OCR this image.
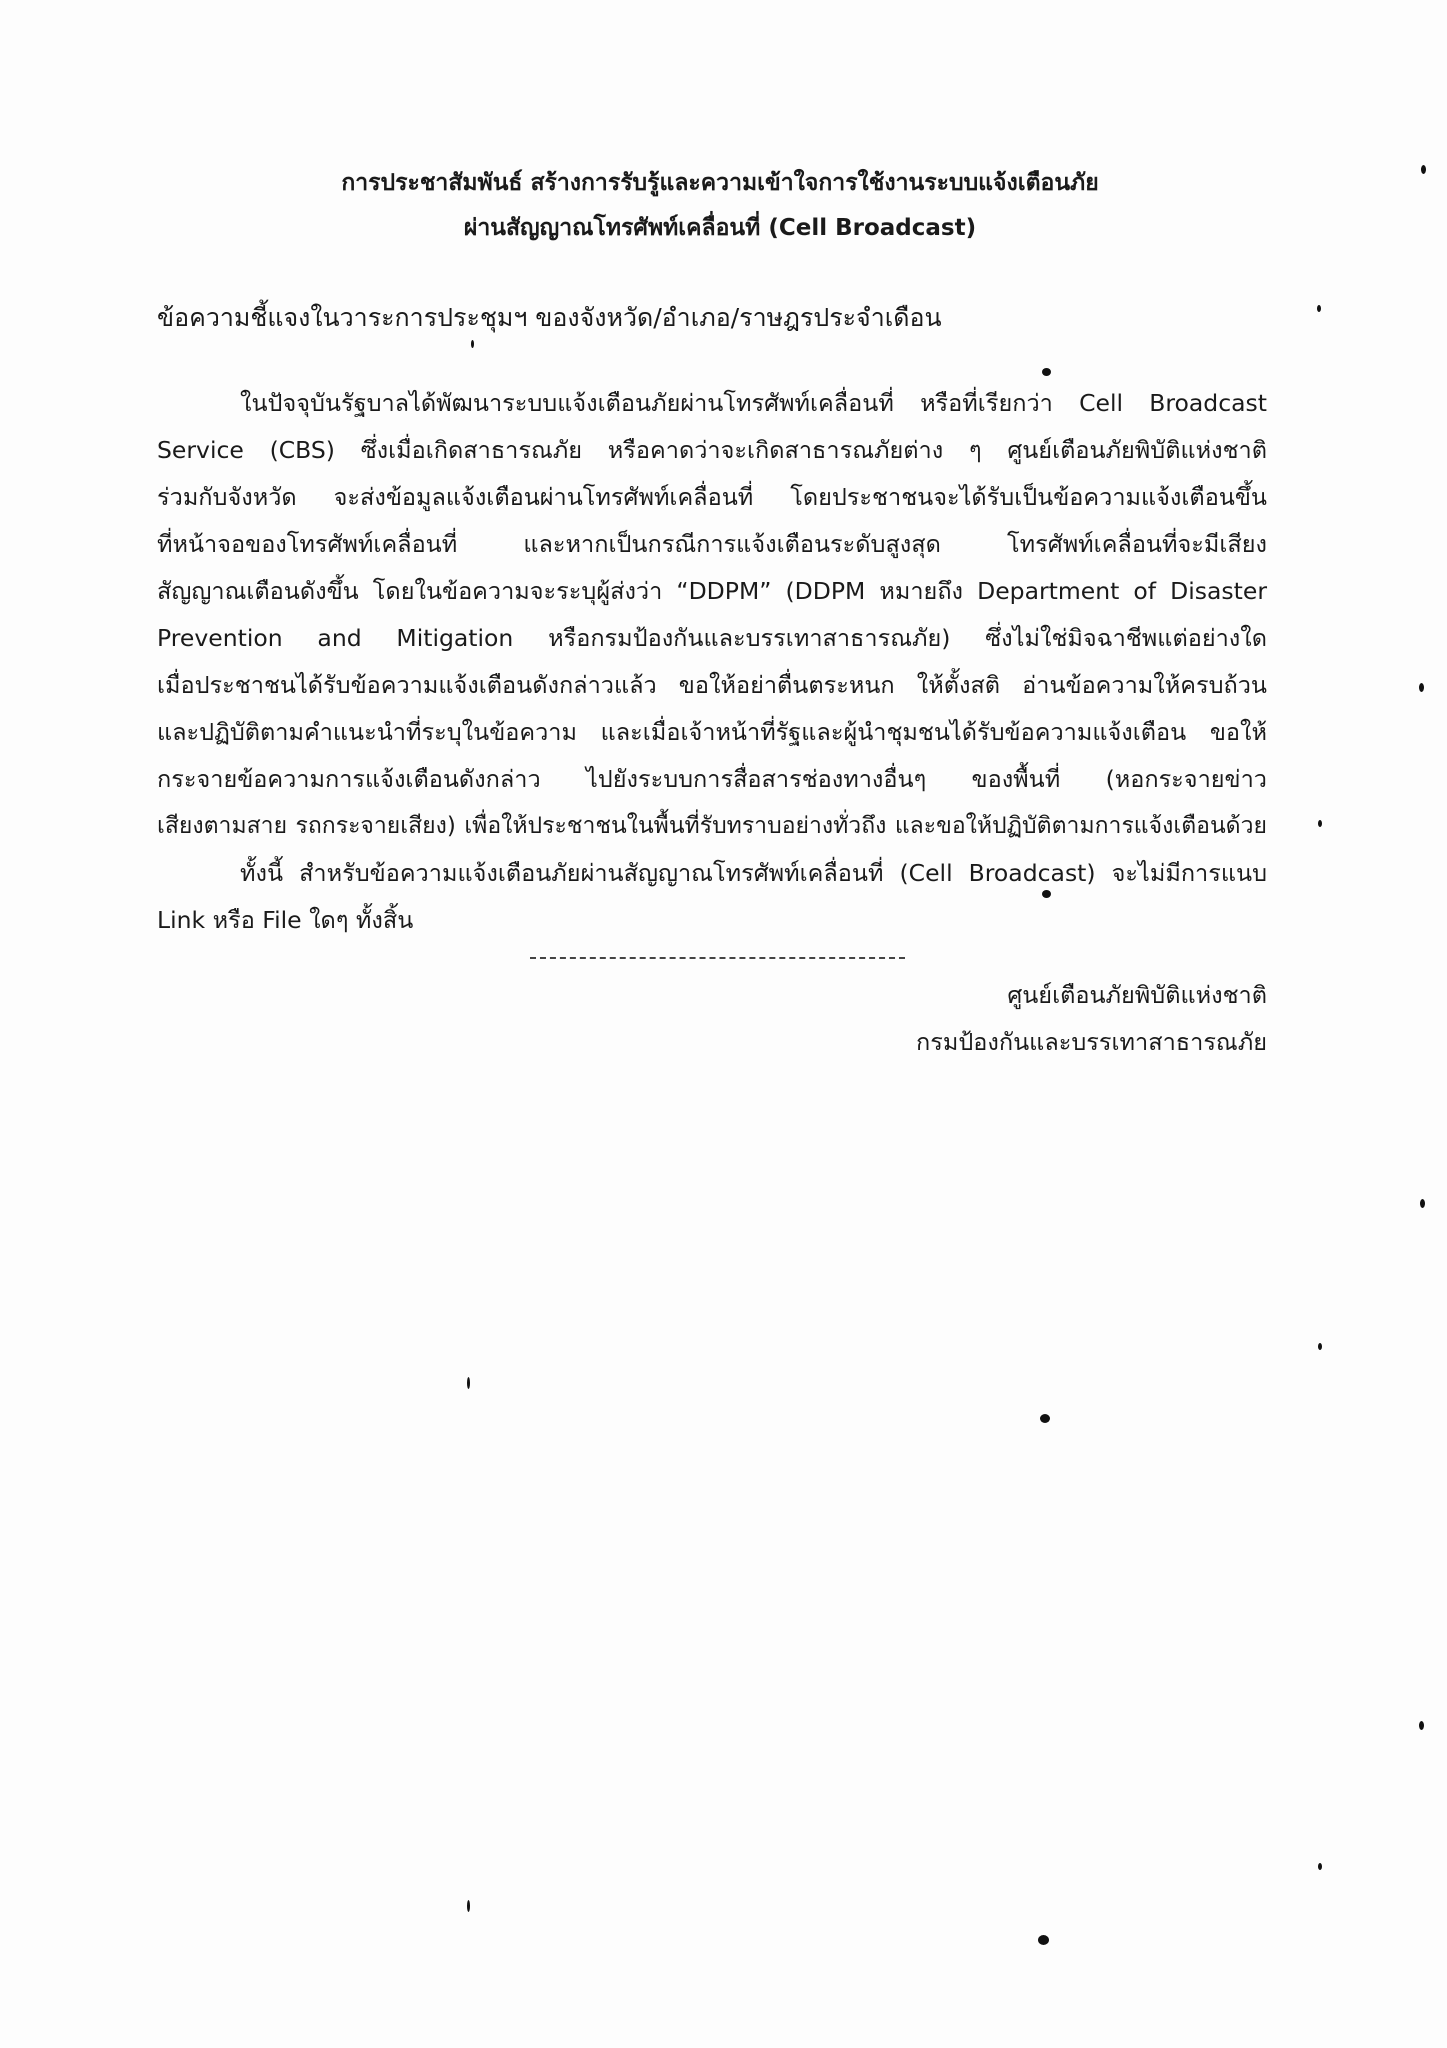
การประชาสัมพันธ์ สร้างการรับรู้และความเข้าใจการใช้งานระบบแจ้งเตือนภัย
ผ่านสัญญาณโทรศัพท์เคลื่อนที่ (Cell Broadcast)
ข้อความชี้แจงในวาระการประชุมฯ ของจังหวัด/อำเภอ/ราษฎรประจำเดือน
ในปัจจุบันรัฐบาลได้พัฒนาระบบแจ้งเตือนภัยผ่านโทรศัพท์เคลื่อนที่ หรือที่เรียกว่า Cell Broadcast
Service (CBS) ซึ่งเมื่อเกิดสาธารณภัย หรือคาดว่าจะเกิดสาธารณภัยต่าง ๆ ศูนย์เตือนภัยพิบัติแห่งชาติ
ร่วมกับจังหวัด จะส่งข้อมูลแจ้งเตือนผ่านโทรศัพท์เคลื่อนที่ โดยประชาชนจะได้รับเป็นข้อความแจ้งเตือนขึ้น
ที่หน้าจอของโทรศัพท์เคลื่อนที่ และหากเป็นกรณีการแจ้งเตือนระดับสูงสุด โทรศัพท์เคลื่อนที่จะมีเสียง
สัญญาณเตือนดังขึ้น โดยในข้อความจะระบุผู้ส่งว่า “DDPM” (DDPM หมายถึง Department of Disaster
Prevention and Mitigation หรือกรมป้องกันและบรรเทาสาธารณภัย) ซึ่งไม่ใช่มิจฉาชีพแต่อย่างใด
เมื่อประชาชนได้รับข้อความแจ้งเตือนดังกล่าวแล้ว ขอให้อย่าตื่นตระหนก ให้ตั้งสติ อ่านข้อความให้ครบถ้วน
และปฏิบัติตามคำแนะนำที่ระบุในข้อความ และเมื่อเจ้าหน้าที่รัฐและผู้นำชุมชนได้รับข้อความแจ้งเตือน ขอให้
กระจายข้อความการแจ้งเตือนดังกล่าว ไปยังระบบการสื่อสารช่องทางอื่นๆ ของพื้นที่ (หอกระจายข่าว
เสียงตามสาย รถกระจายเสียง) เพื่อให้ประชาชนในพื้นที่รับทราบอย่างทั่วถึง และขอให้ปฏิบัติตามการแจ้งเตือนด้วย
ทั้งนี้ สำหรับข้อความแจ้งเตือนภัยผ่านสัญญาณโทรศัพท์เคลื่อนที่ (Cell Broadcast) จะไม่มีการแนบ
Link หรือ File ใดๆ ทั้งสิ้น
ศูนย์เตือนภัยพิบัติแห่งชาติ
กรมป้องกันและบรรเทาสาธารณภัย
